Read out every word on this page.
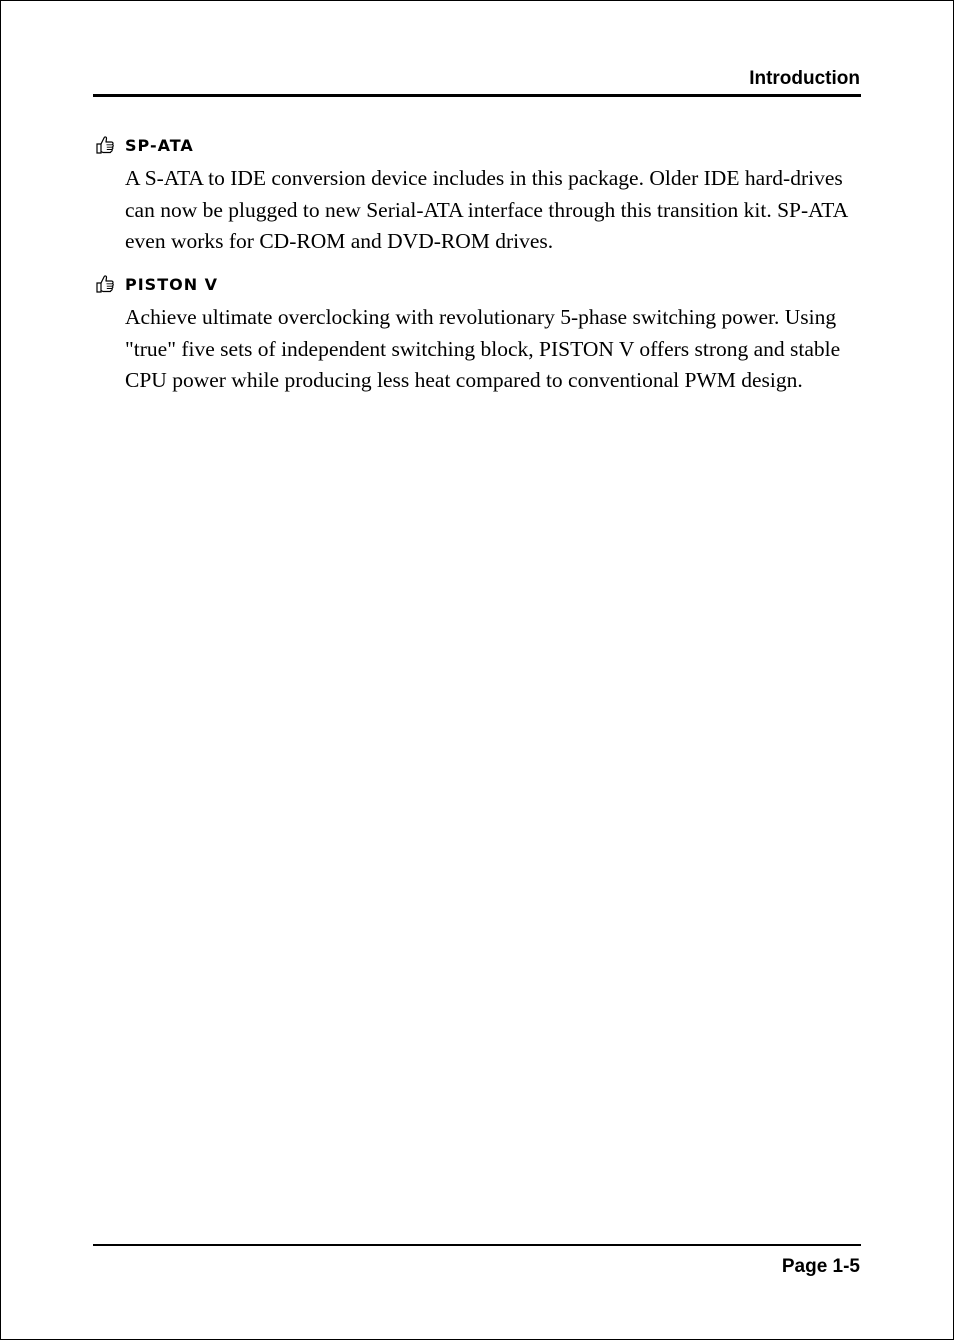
Introduction
SP-ATA
A S-ATA to IDE conversion device includes in this package. Older IDE hard-drives can now be plugged to new Serial-ATA interface through this transition kit. SP-ATA even works for CD-ROM and DVD-ROM drives.
PISTON V
Achieve ultimate overclocking with revolutionary 5-phase switching power. Using "true" five sets of independent switching block, PISTON V offers strong and stable CPU power while producing less heat compared to conventional PWM design.
Page 1-5
